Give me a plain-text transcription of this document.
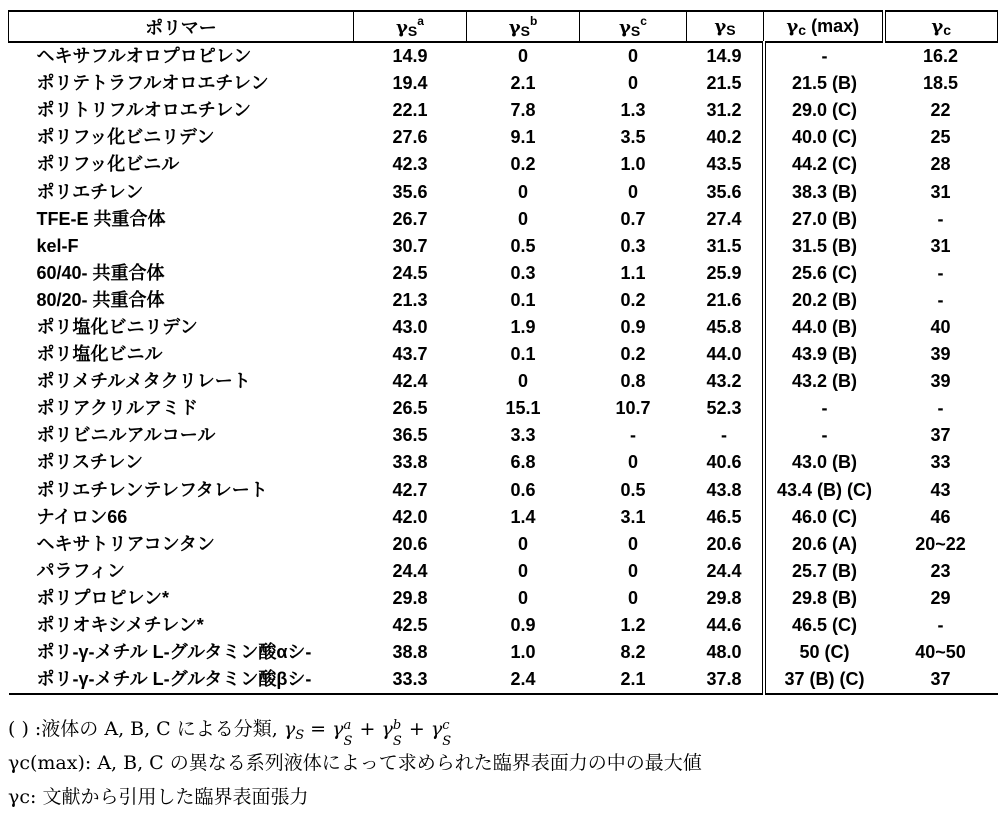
ポリマー	$\gamma_S^a$	$\gamma_S^b$	$\gamma_S^c$	$\gamma_S$	$\gamma_c$ (max)	$\gamma_c$
ヘキサフルオロプロピレン	14.9	0	0	14.9	-	16.2
ポリテトラフルオロエチレン	19.4	2.1	0	21.5	21.5 (B)	18.5
ポリトリフルオロエチレン	22.1	7.8	1.3	31.2	29.0 (C)	22
ポリフッ化ビニリデン	27.6	9.1	3.5	40.2	40.0 (C)	25
ポリフッ化ビニル	42.3	0.2	1.0	43.5	44.2 (C)	28
ポリエチレン	35.6	0	0	35.6	38.3 (B)	31
TFE-E 共重合体	26.7	0	0.7	27.4	27.0 (B)	-
kel-F	30.7	0.5	0.3	31.5	31.5 (B)	31
60/40- 共重合体	24.5	0.3	1.1	25.9	25.6 (C)	-
80/20- 共重合体	21.3	0.1	0.2	21.6	20.2 (B)	-
ポリ塩化ビニリデン	43.0	1.9	0.9	45.8	44.0 (B)	40
ポリ塩化ビニル	43.7	0.1	0.2	44.0	43.9 (B)	39
ポリメチルメタクリレート	42.4	0	0.8	43.2	43.2 (B)	39
ポリアクリルアミド	26.5	15.1	10.7	52.3	-	-
ポリビニルアルコール	36.5	3.3	-	-	-	37
ポリスチレン	33.8	6.8	0	40.6	43.0 (B)	33
ポリエチレンテレフタレート	42.7	0.6	0.5	43.8	43.4 (B) (C)	43
ナイロン66	42.0	1.4	3.1	46.5	46.0 (C)	46
ヘキサトリアコンタン	20.6	0	0	20.6	20.6 (A)	20~22
パラフィン	24.4	0	0	24.4	25.7 (B)	23
ポリプロピレン*	29.8	0	0	29.8	29.8 (B)	29
ポリオキシメチレン*	42.5	0.9	1.2	44.6	46.5 (C)	-
ポリ-γ-メチル L-グルタミン酸αシ-	38.8	1.0	8.2	48.0	50 (C)	40~50
ポリ-γ-メチル L-グルタミン酸βシ-	33.3	2.4	2.1	37.8	37 (B) (C)	37
( ) :液体の A, B, C による分類, $\gamma_S = \gamma$ a
S
+ γ b
S
+ γ c
S
γc(max): A, B, C の異なる系列液体によって求められた臨界表面力の中の最大値
γc: 文献から引用した臨界表面張力
